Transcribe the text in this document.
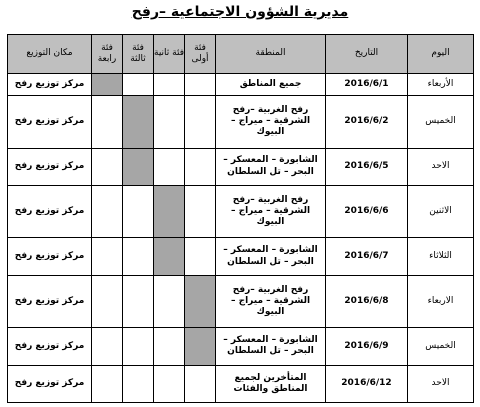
مديرية الشؤون الاجتماعية –رفح
اليوم	التاريخ	المنطقة	فئة أولى	فئة ثانية	فئة ثالثة	فئة رابعة	مكان التوزيع
الأربعاء	2016/6/1	جميع المناطق					مركز توزيع رفح
الخميس	2016/6/2	رفح الغربية –رفح الشرقية – ميراج –البيوك					مركز توزيع رفح
الاحد	2016/6/5	الشابورة – المعسكر – البحر – تل السلطان					مركز توزيع رفح
الاثنين	2016/6/6	رفح الغربية –رفح الشرقية – ميراج –البيوك					مركز توزيع رفح
الثلاثاء	2016/6/7	الشابورة – المعسكر – البحر – تل السلطان					مركز توزيع رفح
الاربعاء	2016/6/8	رفح الغربية –رفح الشرقية – ميراج –البيوك					مركز توزيع رفح
الخميس	2016/6/9	الشابورة – المعسكر – البحر – تل السلطان					مركز توزيع رفح
الاحد	2016/6/12	المتأخرين لجميع المناطق والفئات					مركز توزيع رفح
